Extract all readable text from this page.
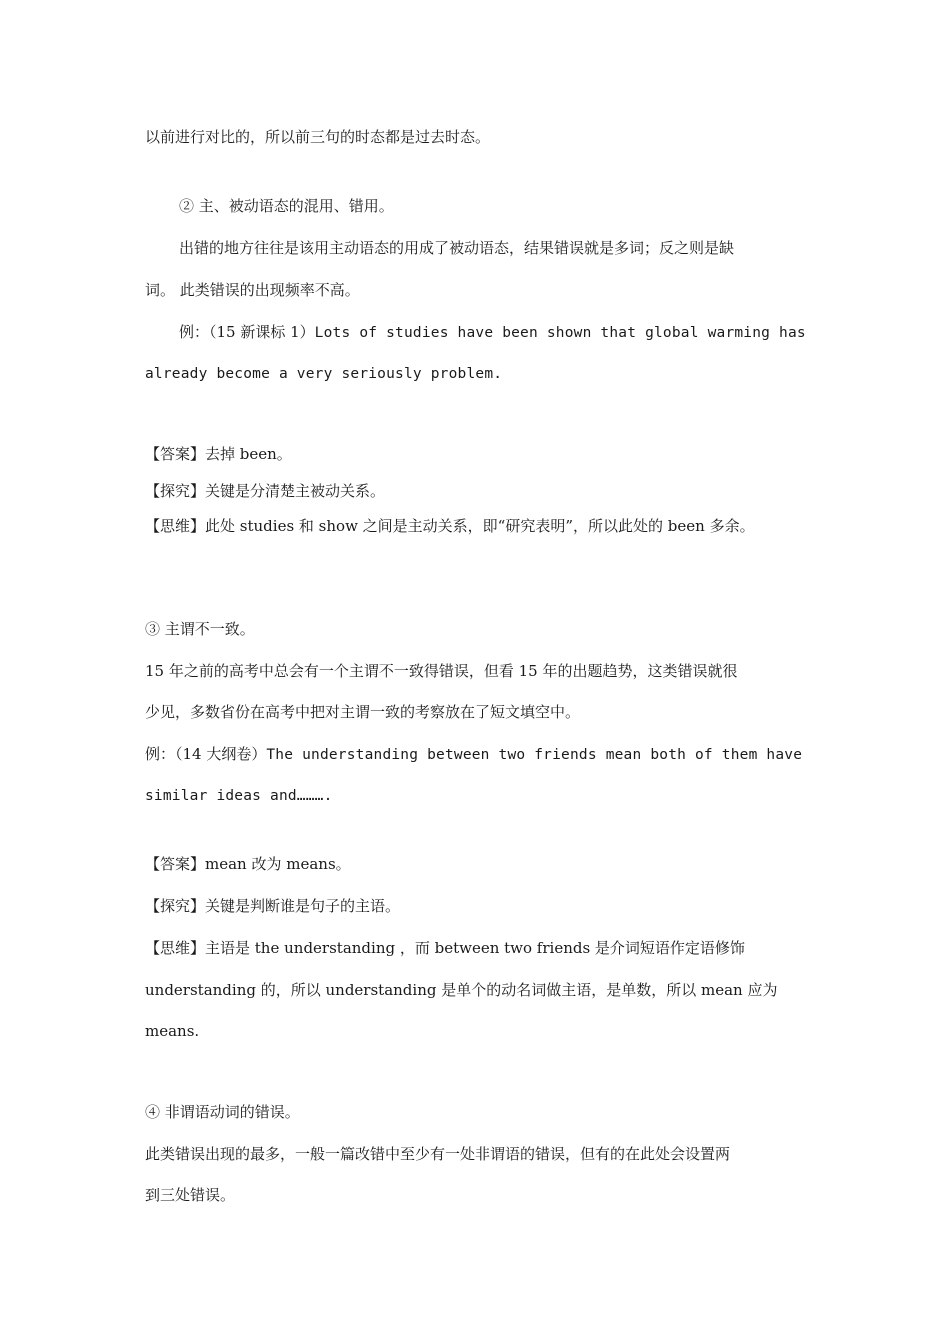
以前进行对比的，所以前三句的时态都是过去时态。
② 主、被动语态的混用、错用。
出错的地方往往是该用主动语态的用成了被动语态，结果错误就是多词；反之则是缺
词。 此类错误的出现频率不高。
例：（15 新课标 1）Lots of studies have been shown that global warming has
already become a very seriously problem.
【答案】去掉 been。
【探究】关键是分清楚主被动关系。
【思维】此处 studies 和 show 之间是主动关系，即“研究表明”，所以此处的 been 多余。
③ 主谓不一致。
15 年之前的高考中总会有一个主谓不一致得错误，但看 15 年的出题趋势，这类错误就很
少见，多数省份在高考中把对主谓一致的考察放在了短文填空中。
例：（14 大纲卷）The understanding between two friends mean both of them have
similar ideas and……….
【答案】mean 改为 means。
【探究】关键是判断谁是句子的主语。
【思维】主语是 the understanding ，而 between two friends 是介词短语作定语修饰
understanding 的，所以 understanding 是单个的动名词做主语，是单数，所以 mean 应为
means.
④ 非谓语动词的错误。
此类错误出现的最多，一般一篇改错中至少有一处非谓语的错误，但有的在此处会设置两
到三处错误。
